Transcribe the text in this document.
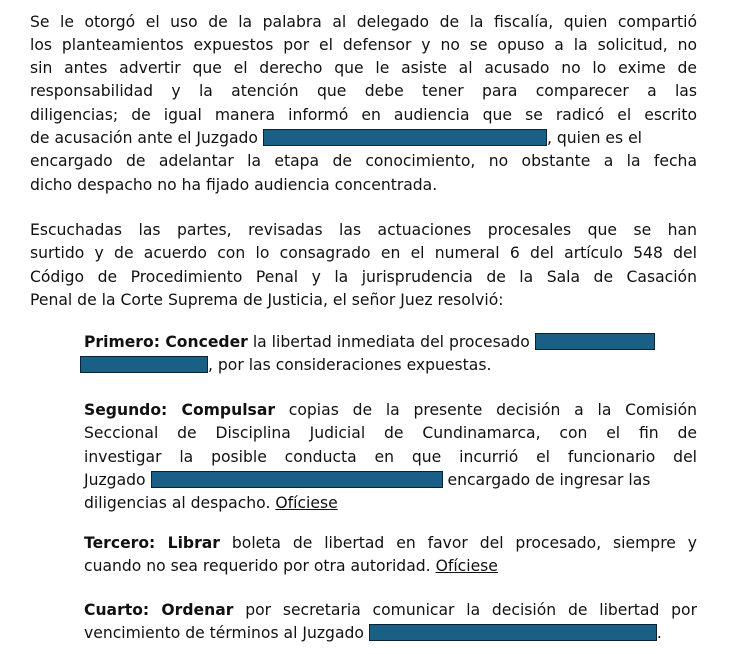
Se le otorgó el uso de la palabra al delegado de la fiscalía, quien compartió
los planteamientos expuestos por el defensor y no se opuso a la solicitud, no
sin antes advertir que el derecho que le asiste al acusado no lo exime de
responsabilidad y la atención que debe tener para comparecer a las
diligencias; de igual manera informó en audiencia que se radicó el escrito
de acusación ante el Juzgado	, quien es el
encargado de adelantar la etapa de conocimiento, no obstante a la fecha
dicho despacho no ha fijado audiencia concentrada.
Escuchadas las partes, revisadas las actuaciones procesales que se han
surtido y de acuerdo con lo consagrado en el numeral 6 del artículo 548 del
Código de Procedimiento Penal y la jurisprudencia de la Sala de Casación
Penal de la Corte Suprema de Justicia, el señor Juez resolvió:
Primero: Conceder la libertad inmediata del procesado
, por las consideraciones expuestas.
Segundo: Compulsar copias de la presente decisión a la Comisión
Seccional de Disciplina Judicial de Cundinamarca, con el fin de
investigar la posible conducta en que incurrió el funcionario del
Juzgado	encargado de ingresar las
diligencias al despacho. Ofíciese
Tercero: Librar boleta de libertad en favor del procesado, siempre y
cuando no sea requerido por otra autoridad. Ofíciese
Cuarto: Ordenar por secretaria comunicar la decisión de libertad por
vencimiento de términos al Juzgado	.
